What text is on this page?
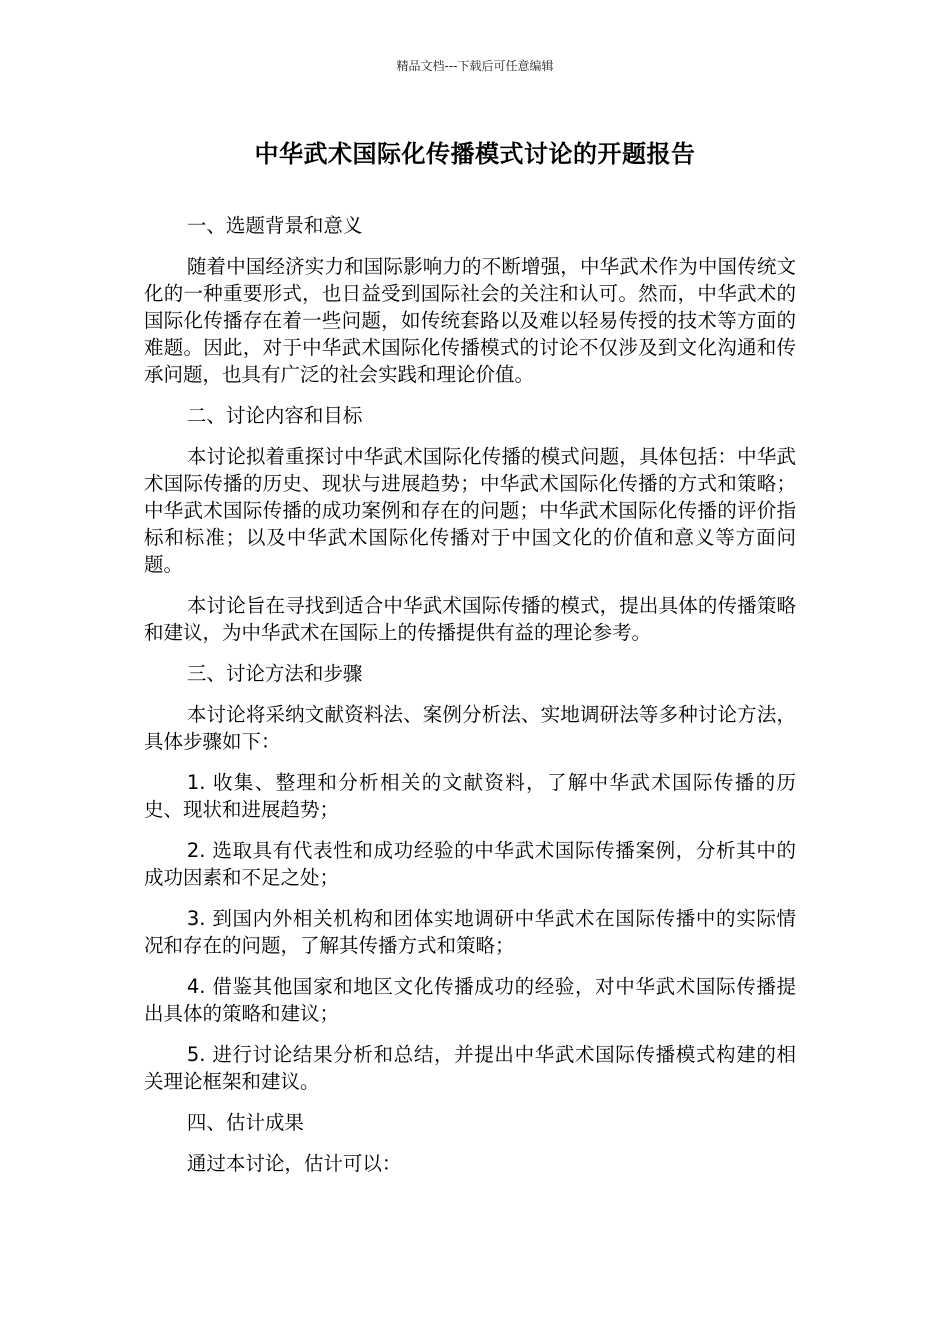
精品文档---下载后可任意编辑
中华武术国际化传播模式讨论的开题报告

一、选题背景和意义

随着中国经济实力和国际影响力的不断增强，中华武术作为中国传统文化的一种重要形式，也日益受到国际社会的关注和认可。然而，中华武术的国际化传播存在着一些问题，如传统套路以及难以轻易传授的技术等方面的难题。因此，对于中华武术国际化传播模式的讨论不仅涉及到文化沟通和传承问题，也具有广泛的社会实践和理论价值。

二、讨论内容和目标

本讨论拟着重探讨中华武术国际化传播的模式问题，具体包括：中华武术国际传播的历史、现状与进展趋势；中华武术国际化传播的方式和策略；中华武术国际传播的成功案例和存在的问题；中华武术国际化传播的评价指标和标准；以及中华武术国际化传播对于中国文化的价值和意义等方面问题。

本讨论旨在寻找到适合中华武术国际传播的模式，提出具体的传播策略和建议，为中华武术在国际上的传播提供有益的理论参考。

三、讨论方法和步骤

本讨论将采纳文献资料法、案例分析法、实地调研法等多种讨论方法，具体步骤如下：

1. 收集、整理和分析相关的文献资料，了解中华武术国际传播的历史、现状和进展趋势；

2. 选取具有代表性和成功经验的中华武术国际传播案例，分析其中的成功因素和不足之处；

3. 到国内外相关机构和团体实地调研中华武术在国际传播中的实际情况和存在的问题，了解其传播方式和策略；

4. 借鉴其他国家和地区文化传播成功的经验，对中华武术国际传播提出具体的策略和建议；

5. 进行讨论结果分析和总结，并提出中华武术国际传播模式构建的相关理论框架和建议。

四、估计成果

通过本讨论，估计可以：
